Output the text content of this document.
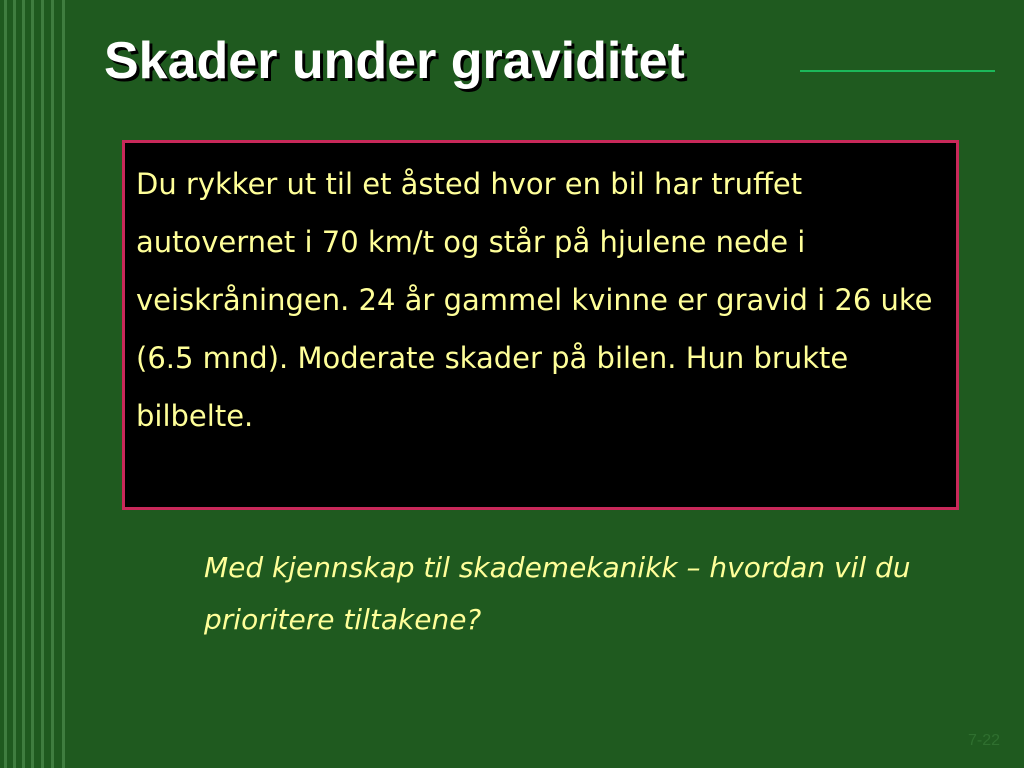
Skader under graviditet

Du rykker ut til et åsted hvor en bil har truffet autovernet i 70 km/t og står på hjulene nede i veiskråningen. 24 år gammel kvinne er gravid i 26 uke (6.5 mnd). Moderate skader på bilen. Hun brukte bilbelte.

Med kjennskap til skademekanikk – hvordan vil du prioritere tiltakene?

7-22
